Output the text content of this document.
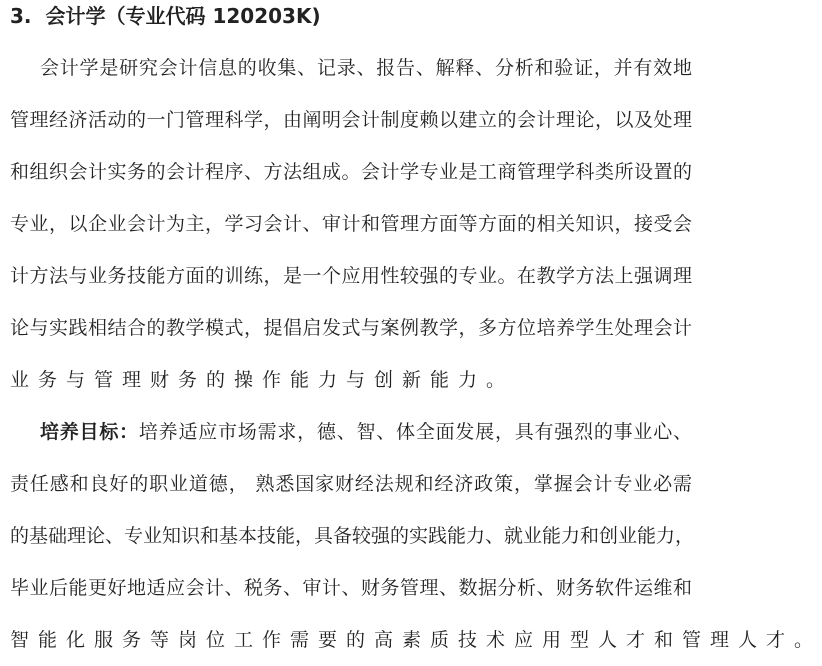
3. 会计学（专业代码 120203K)
会计学是研究会计信息的收集、记录、报告、解释、分析和验证，并有效地
管理经济活动的一门管理科学，由阐明会计制度赖以建立的会计理论，以及处理
和组织会计实务的会计程序、方法组成。会计学专业是工商管理学科类所设置的
专业，以企业会计为主，学习会计、审计和管理方面等方面的相关知识，接受会
计方法与业务技能方面的训练，是一个应用性较强的专业。在教学方法上强调理
论与实践相结合的教学模式，提倡启发式与案例教学，多方位培养学生处理会计
业务与管理财务的操作能力与创新能力。
培养目标：培养适应市场需求，德、智、体全面发展，具有强烈的事业心、
责任感和良好的职业道德， 熟悉国家财经法规和经济政策，掌握会计专业必需
的基础理论、专业知识和基本技能，具备较强的实践能力、就业能力和创业能力，
毕业后能更好地适应会计、税务、审计、财务管理、数据分析、财务软件运维和
智能化服务等岗位工作需要的高素质技术应用型人才和管理人才。
